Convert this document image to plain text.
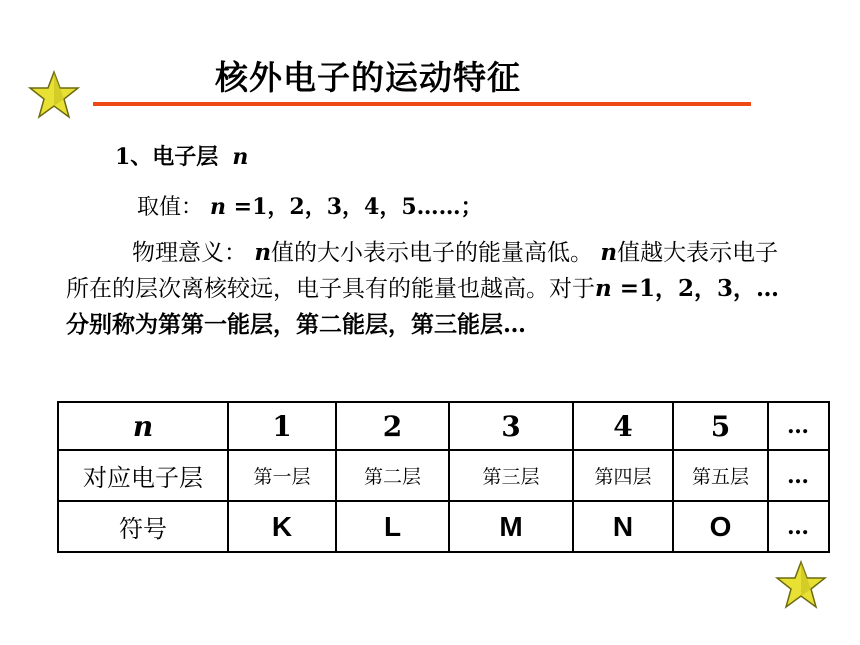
核外电子的运动特征
1、电子层 n
取值： n =1，2，3，4，5……；
物理意义： n值的大小表示电子的能量高低。 n值越大表示电子所在的层次离核较远，电子具有的能量也越高。对于n =1，2，3，…分别称为第第一能层，第二能层，第三能层…
n	1	2	3	4	5	…
对应电子层	第一层	第二层	第三层	第四层	第五层	…
符号	K	L	M	N	O	…
